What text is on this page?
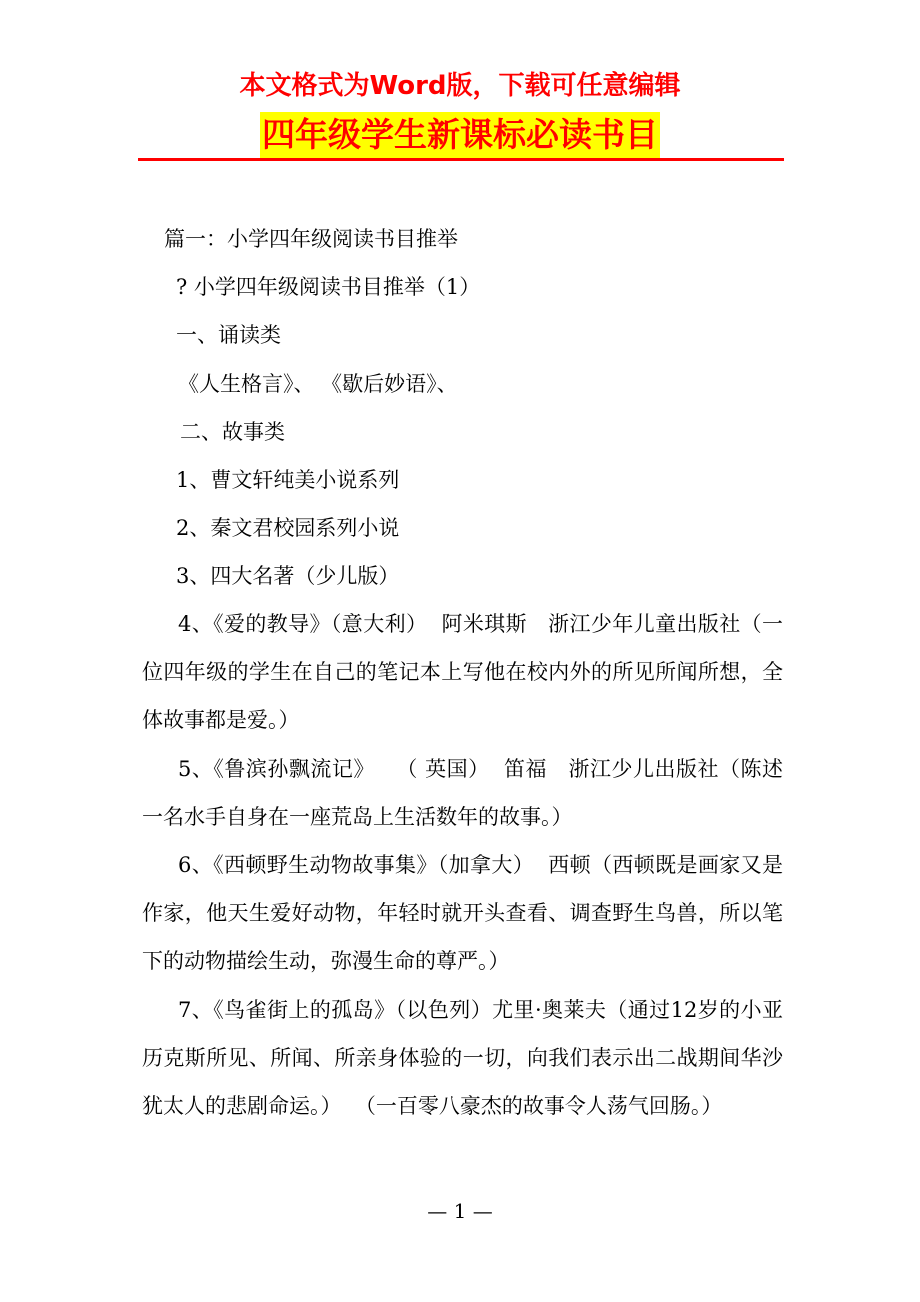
本文格式为Word版，下载可任意编辑
四年级学生新课标必读书目
篇一：小学四年级阅读书目推举
? 小学四年级阅读书目推举（1）
一、诵读类
《人生格言》、 《歇后妙语》、
二、故事类
1、曹文轩纯美小说系列
2、秦文君校园系列小说
3、四大名著（少儿版）
4、《爱的教导》（意大利）  阿米琪斯   浙江少年儿童出版社（一位四年级的学生在自己的笔记本上写他在校内外的所见所闻所想，全体故事都是爱。）
5、《鲁滨孙飘流记》   （ 英国）  笛福   浙江少儿出版社（陈述一名水手自身在一座荒岛上生活数年的故事。）
6、《西顿野生动物故事集》（加拿大）  西顿（西顿既是画家又是作家，他天生爱好动物，年轻时就开头查看、调查野生鸟兽，所以笔下的动物描绘生动，弥漫生命的尊严。）
7、《鸟雀街上的孤岛》（以色列）尤里·奥莱夫（通过12岁的小亚历克斯所见、所闻、所亲身体验的一切，向我们表示出二战期间华沙犹太人的悲剧命运。）  （一百零八豪杰的故事令人荡气回肠。）
— 1 —
